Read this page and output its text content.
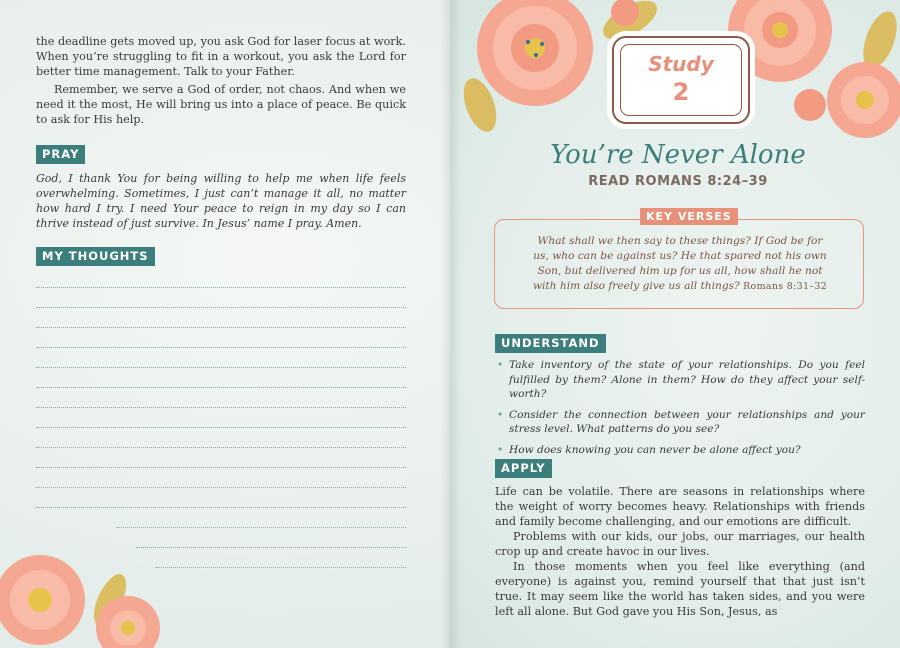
the deadline gets moved up, you ask God for laser focus at work. When you’re struggling to fit in a workout, you ask the Lord for better time management. Talk to your Father.

Remember, we serve a God of order, not chaos. And when we need it the most, He will bring us into a place of peace. Be quick to ask for His help.

PRAY

God, I thank You for being willing to help me when life feels overwhelming. Sometimes, I just can’t manage it all, no matter how hard I try. I need Your peace to reign in my day so I can thrive instead of just survive. In Jesus’ name I pray. Amen.

MY THOUGHTS
Study
2
You’re Never Alone
READ ROMANS 8:24–39
KEY VERSES
What shall we then say to these things? If God be for us, who can be against us? He that spared not his own Son, but delivered him up for us all, how shall he not with him also freely give us all things? Romans 8:31–32
UNDERSTAND
• Take inventory of the state of your relationships. Do you feel fulfilled by them? Alone in them? How do they affect your self-worth?
• Consider the connection between your relationships and your stress level. What patterns do you see?
• How does knowing you can never be alone affect you?
APPLY

Life can be volatile. There are seasons in relationships where the weight of worry becomes heavy. Relationships with friends and family become challenging, and our emotions are difficult.

Problems with our kids, our jobs, our marriages, our health crop up and create havoc in our lives.

In those moments when you feel like everything (and everyone) is against you, remind yourself that that just isn’t true. It may seem like the world has taken sides, and you were left all alone. But God gave you His Son, Jesus, as
